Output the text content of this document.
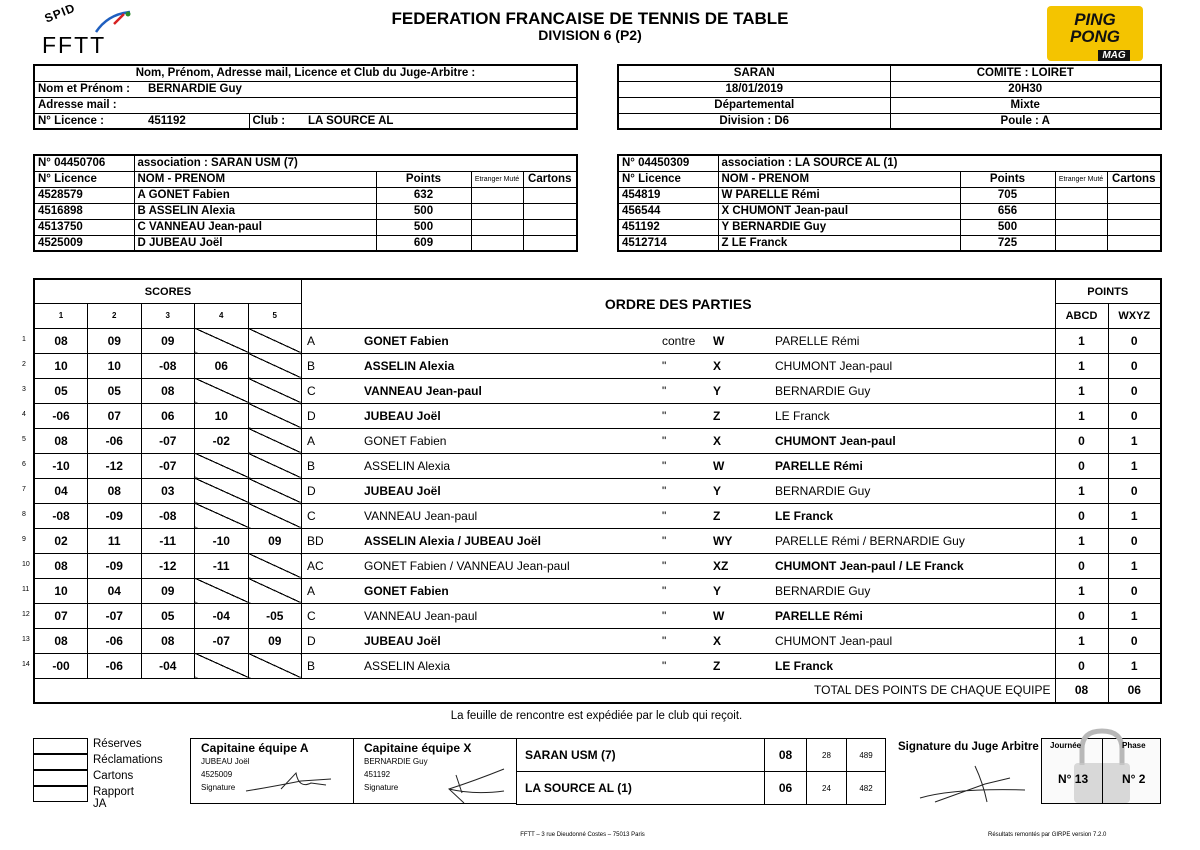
SPID
FFTT
FEDERATION FRANCAISE DE TENNIS DE TABLE
DIVISION 6 (P2)
PING
PONG
MAG
Nom, Prénom, Adresse mail, Licence et Club du Juge-Arbitre :			
Nom et Prénom :	BERNARDIE Guy		
Adresse mail :			
N° Licence :	451192	Club :	LA SOURCE AL
SARAN	COMITE : LOIRET
18/01/2019	20H30
Départemental	Mixte
Division : D6	Poule : A
N° 04450706	association : SARAN USM (7)			
N° Licence	NOM - PRENOM	Points	Etranger Muté	Cartons
4528579	A GONET Fabien	632		
4516898	B ASSELIN Alexia	500		
4513750	C VANNEAU Jean-paul	500		
4525009	D JUBEAU Joël	609		
N° 04450309	association : LA SOURCE AL (1)			
N° Licence	NOM - PRENOM	Points	Etranger Muté	Cartons
454819	W PARELLE Rémi	705		
456544	X CHUMONT Jean-paul	656		
451192	Y BERNARDIE Guy	500		
4512714	Z LE Franck	725		
SCORES					ORDRE DES PARTIES	POINTS	
1	2	3	4	5		ABCD	WXYZ
08	09	09			A GONET Fabien contre W PARELLE Rémi	1	0
10	10	-08	06		B ASSELIN Alexia " X CHUMONT Jean-paul	1	0
05	05	08			C VANNEAU Jean-paul " Y BERNARDIE Guy	1	0
-06	07	06	10		D JUBEAU Joël " Z LE Franck	1	0
08	-06	-07	-02		A GONET Fabien " X CHUMONT Jean-paul	0	1
-10	-12	-07			B ASSELIN Alexia " W PARELLE Rémi	0	1
04	08	03			D JUBEAU Joël " Y BERNARDIE Guy	1	0
-08	-09	-08			C VANNEAU Jean-paul " Z LE Franck	0	1
02	11	-11	-10	09	BD ASSELIN Alexia / JUBEAU Joël " WY PARELLE Rémi / BERNARDIE Guy	1	0
08	-09	-12	-11		AC GONET Fabien / VANNEAU Jean-paul " XZ CHUMONT Jean-paul / LE Franck	0	1
10	04	09			A GONET Fabien " Y BERNARDIE Guy	1	0
07	-07	05	-04	-05	C VANNEAU Jean-paul " W PARELLE Rémi	0	1
08	-06	08	-07	09	D JUBEAU Joël " X CHUMONT Jean-paul	1	0
-00	-06	-04			B ASSELIN Alexia " Z LE Franck	0	1
TOTAL DES POINTS DE CHAQUE EQUIPE						08	06
La feuille de rencontre est expédiée par le club qui reçoit.
Réserves
Réclamations
Cartons
Rapport JA
Capitaine équipe A
JUBEAU Joël
4525009
Signature
Capitaine équipe X
BERNARDIE Guy
451192
Signature
SARAN USM (7)	08	28	489
LA SOURCE AL (1)	06	24	482
Signature du Juge Arbitre Journée	Phase
N° 13	N° 2
FFTT – 3 rue Dieudonné Costes – 75013 Paris	Résultats remontés par GIRPE version 7.2.0
1
2
3
4
5
6
7
8
9
10
11
12
13
14
